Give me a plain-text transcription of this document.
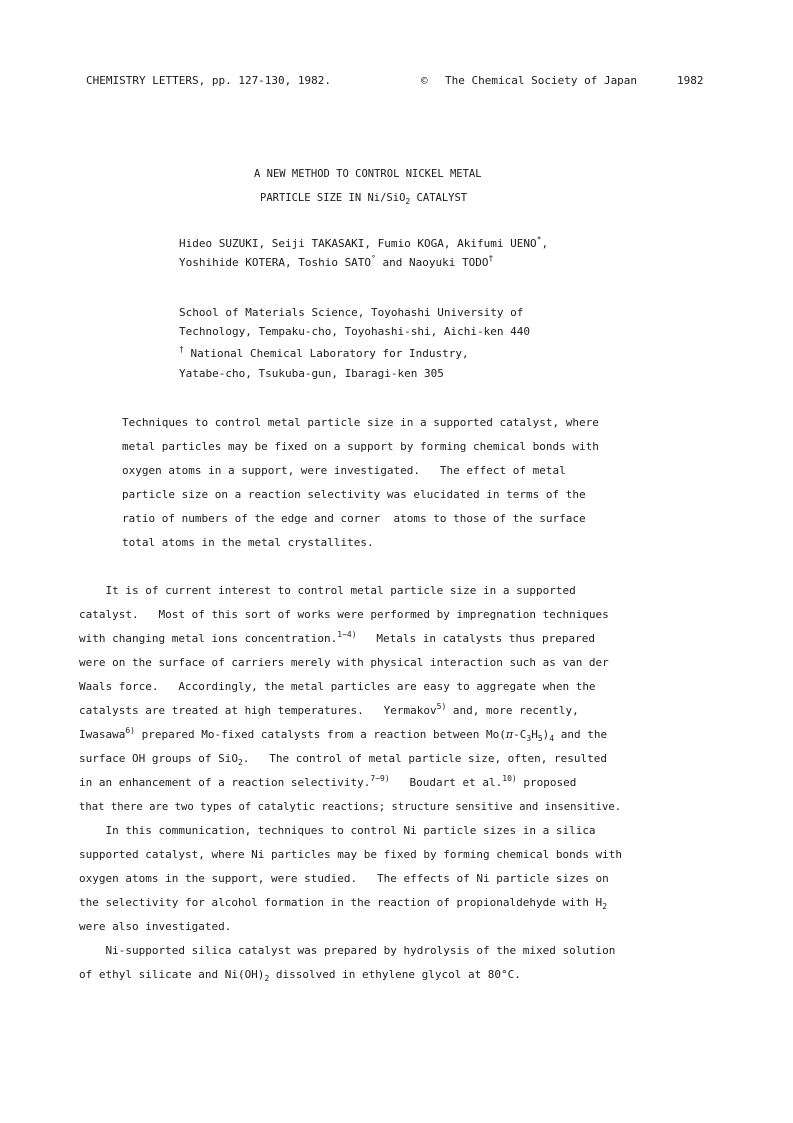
CHEMISTRY LETTERS, pp. 127-130, 1982.	© The Chemical Society of Japan	1982
A NEW METHOD TO CONTROL NICKEL METAL
PARTICLE SIZE IN Ni/SiO$_2$ CATALYST
Hideo SUZUKI, Seiji TAKASAKI, Fumio KOGA, Akifumi UENO*,
Yoshihide KOTERA, Toshio SATO° and Naoyuki TODO†
School of Materials Science, Toyohashi University of
Technology, Tempaku-cho, Toyohashi-shi, Aichi-ken 440
† National Chemical Laboratory for Industry,
Yatabe-cho, Tsukuba-gun, Ibaragi-ken 305
Techniques to control metal particle size in a supported catalyst, where
metal particles may be fixed on a support by forming chemical bonds with
oxygen atoms in a support, were investigated.   The effect of metal
particle size on a reaction selectivity was elucidated in terms of the
ratio of numbers of the edge and corner  atoms to those of the surface
total atoms in the metal crystallites.
It is of current interest to control metal particle size in a supported
catalyst.   Most of this sort of works were performed by impregnation techniques
with changing metal ions concentration.$^{1\sim 4)}$   Metals in catalysts thus prepared
were on the surface of carriers merely with physical interaction such as van der
Waals force.   Accordingly, the metal particles are easy to aggregate when the
catalysts are treated at high temperatures.   Yermakov$^{5)}$ and, more recently,
Iwasawa$^{6)}$ prepared Mo-fixed catalysts from a reaction between $Mo(\pi-C_3H_5)_4$ and the
surface OH groups of SiO$_2$.   The control of metal particle size, often, resulted
in an enhancement of a reaction selectivity.$^{7\sim 9)}$   Boudart et al.$^{10)}$ proposed
that there are two types of catalytic reactions; structure sensitive and insensitive.
In this communication, techniques to control Ni particle sizes in a silica
supported catalyst, where Ni particles may be fixed by forming chemical bonds with
oxygen atoms in the support, were studied.   The effects of Ni particle sizes on
the selectivity for alcohol formation in the reaction of propionaldehyde with $H_2$
were also investigated.
Ni-supported silica catalyst was prepared by hydrolysis of the mixed solution
of ethyl silicate and $Ni(OH)_2$ dissolved in ethylene glycol at 80°C.
